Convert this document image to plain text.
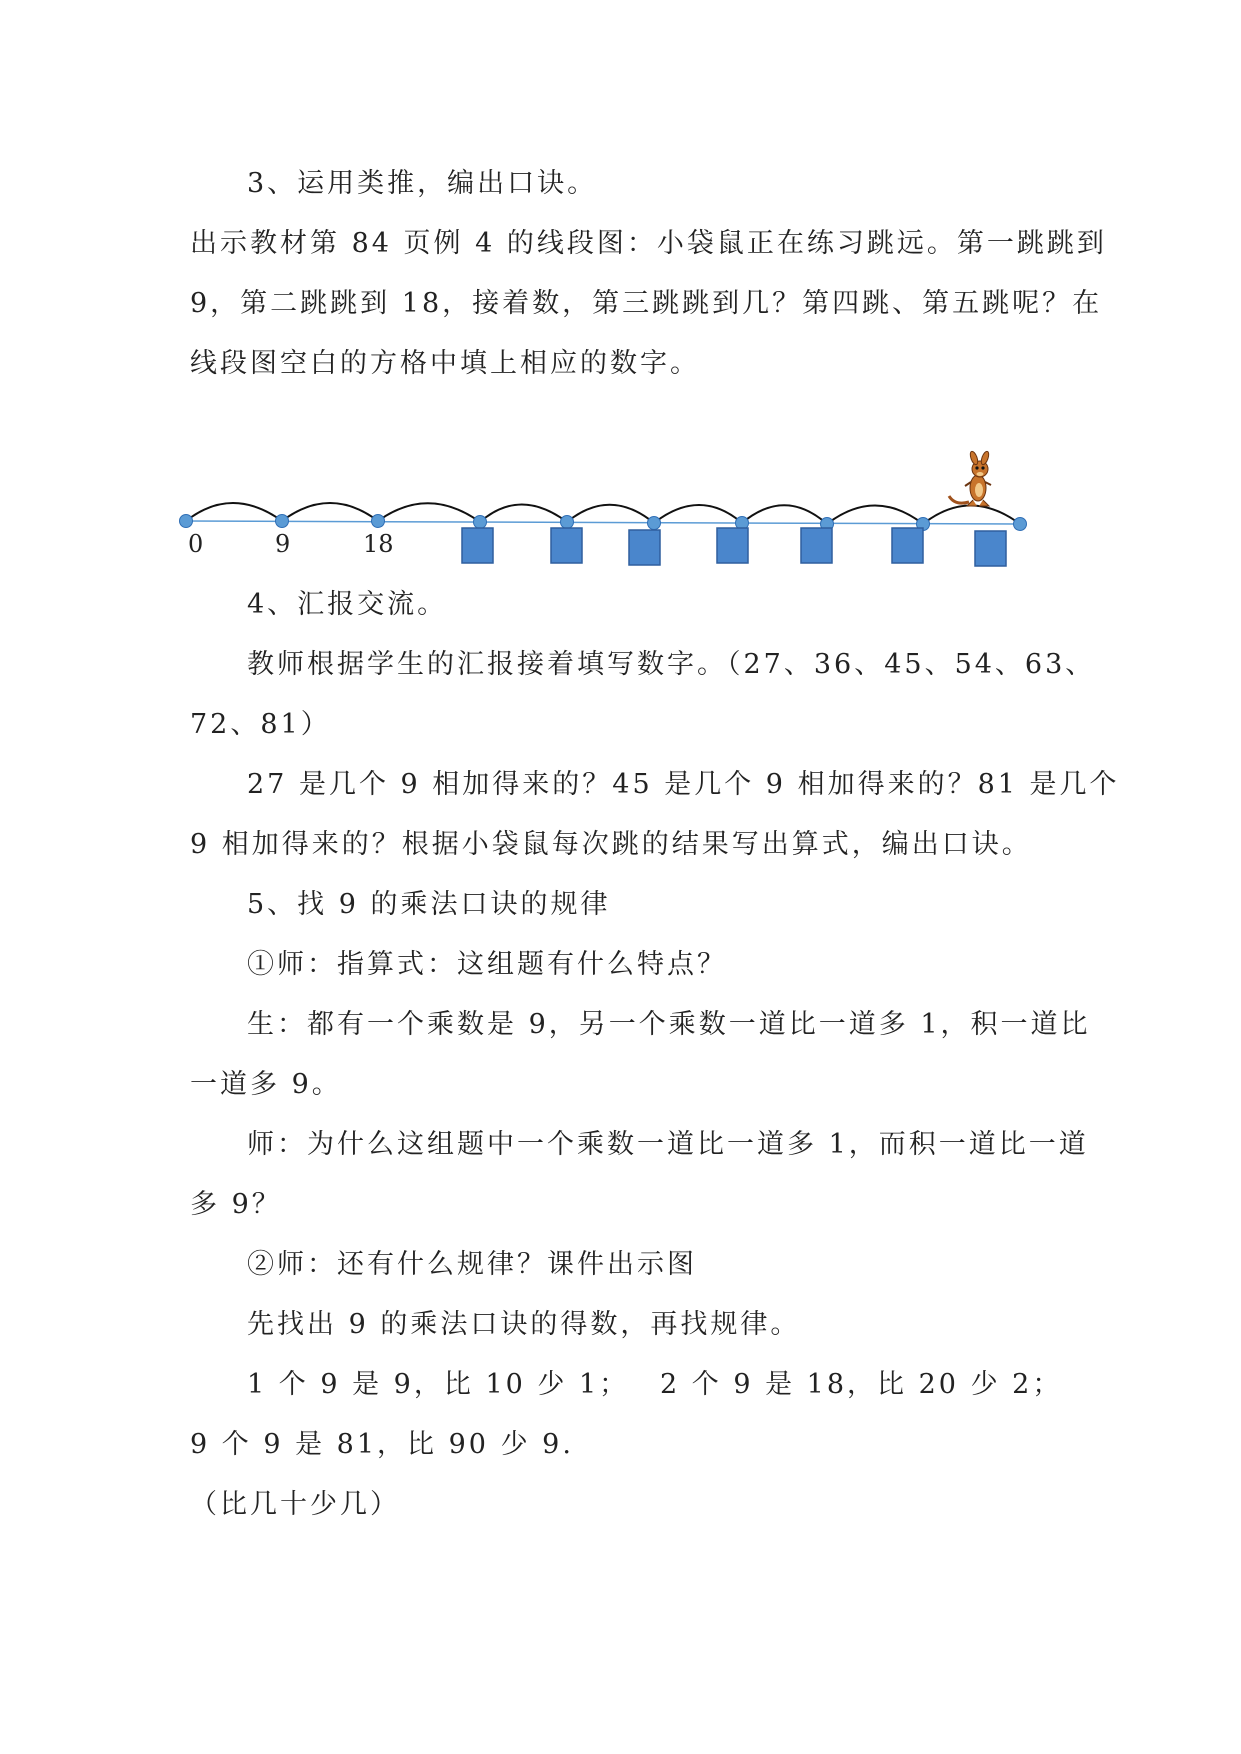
3、运用类推，编出口诀。
出示教材第 84 页例 4 的线段图：小袋鼠正在练习跳远。第一跳跳到
9，第二跳跳到 18，接着数，第三跳跳到几？第四跳、第五跳呢？在
线段图空白的方格中填上相应的数字。
0	9	18
4、汇报交流。
教师根据学生的汇报接着填写数字。（27、36、45、54、63、
72、81）
27 是几个 9 相加得来的？45 是几个 9 相加得来的？81 是几个
9 相加得来的？根据小袋鼠每次跳的结果写出算式，编出口诀。
5、找 9 的乘法口诀的规律
①师：指算式：这组题有什么特点？
生：都有一个乘数是 9，另一个乘数一道比一道多 1，积一道比
一道多 9。
师：为什么这组题中一个乘数一道比一道多 1，而积一道比一道
多 9？
②师：还有什么规律？课件出示图
先找出 9 的乘法口诀的得数，再找规律。
1 个 9 是 9，比 10 少 1； 2 个 9 是 18，比 20 少 2；
9 个 9 是 81，比 90 少 9.
（比几十少几）
